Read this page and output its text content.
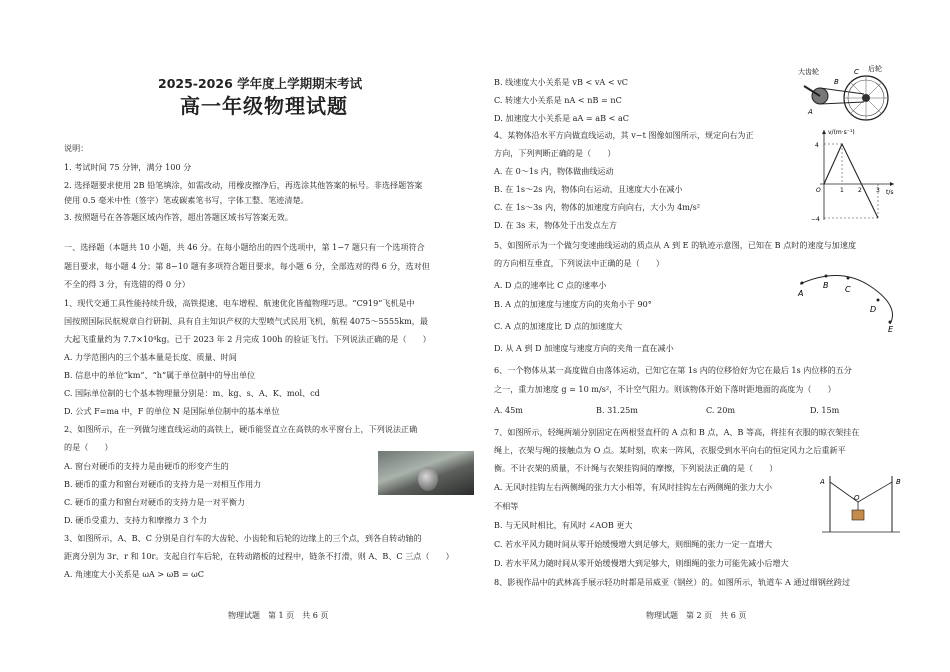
2025-2026 学年度上学期期末考试
高一年级物理试题
说明：
1. 考试时间 75 分钟，满分 100 分
2. 选择题要求使用 2B 铅笔填涂，如需改动，用橡皮擦净后，再选涂其他答案的标号。非选择题答案
使用 0.5 毫米中性（签字）笔或碳素笔书写，字体工整、笔迹清楚。
3. 按照题号在各答题区域内作答，超出答题区域书写答案无效。
一、选择题（本题共 10 小题，共 46 分。在每小题给出的四个选项中，第 1−7 题只有一个选项符合
题目要求，每小题 4 分；第 8−10 题有多项符合题目要求，每小题 6 分，全部选对的得 6 分，选对但
不全的得 3 分，有选错的得 0 分）
1、现代交通工具性能持续升级，高铁提速、电车增程、航速优化皆蕴物理巧思。“C919”飞机是中
国按照国际民航规章自行研制、具有自主知识产权的大型喷气式民用飞机，航程 4075～5555km，最
大起飞重量约为 7.7×10⁴kg。已于 2023 年 2 月完成 100h 的验证飞行。下列说法正确的是（　　）
A. 力学范围内的三个基本量是长度、质量、时间
B. 信息中的单位“km”、“h”属于单位制中的导出单位
C. 国际单位制的七个基本物理量分别是：m、kg、s、A、K、mol、cd
D. 公式 F=ma 中，F 的单位 N 是国际单位制中的基本单位
2、如图所示，在一列做匀速直线运动的高铁上，硬币能竖直立在高铁的水平窗台上，下列说法正确
的是（　　）
A. 窗台对硬币的支持力是由硬币的形变产生的
B. 硬币的重力和窗台对硬币的支持力是一对相互作用力
C. 硬币的重力和窗台对硬币的支持力是一对平衡力
D. 硬币受重力、支持力和摩擦力 3 个力
3、如图所示，A、B、C 分别是自行车的大齿轮、小齿轮和后轮的边缘上的三个点，到各自转动轴的
距离分别为 3r、r 和 10r。支起自行车后轮，在转动踏板的过程中，链条不打滑，则 A、B、C 三点（　　）
A. 角速度大小关系是 ωA > ωB = ωC
物理试题　第 1 页　共 6 页
B. 线速度大小关系是 vB < vA < vC
C. 转速大小关系是 nA < nB = nC
D. 加速度大小关系是 aA = aB < aC
4、某物体沿水平方向做直线运动，其 v−t 图像如图所示，规定向右为正
方向，下列判断正确的是（　　）
A. 在 0～1s 内，物体做曲线运动
B. 在 1s～2s 内，物体向右运动，且速度大小在减小
C. 在 1s～3s 内，物体的加速度方向向右，大小为 4m/s²
D. 在 3s 末，物体处于出发点左方
5、如图所示为一个做匀变速曲线运动的质点从 A 到 E 的轨迹示意图，已知在 B 点时的速度与加速度
的方向相互垂直，下列说法中正确的是（　　）
A. D 点的速率比 C 点的速率小
B. A 点的加速度与速度方向的夹角小于 90°
C. A 点的加速度比 D 点的加速度大
D. 从 A 到 D 加速度与速度方向的夹角一直在减小
6、一个物体从某一高度做自由落体运动，已知它在第 1s 内的位移恰好为它在最后 1s 内位移的五分
之一，重力加速度 g = 10 m/s²，不计空气阻力。则该物体开始下落时距地面的高度为（　　）
A. 45m	B. 31.25m	C. 20m	D. 15m
7、如图所示，轻绳两端分别固定在两根竖直杆的 A 点和 B 点，A、B 等高，将挂有衣服的晾衣架挂在
绳上，衣架与绳的接触点为 O 点。某时刻，吹来一阵风，衣服受到水平向右的恒定风力之后重新平
衡。不计衣架的质量，不计绳与衣架挂钩间的摩擦，下列说法正确的是（　　）
A. 无风时挂钩左右两侧绳的张力大小相等，有风时挂钩左右两侧绳的张力大小
不相等
B. 与无风时相比，有风时 ∠AOB 更大
C. 若水平风力随时间从零开始缓慢增大到足够大，则细绳的张力一定一直增大
D. 若水平风力随时间从零开始缓慢增大到足够大，则细绳的张力可能先减小后增大
8、影视作品中的武林高手展示轻功时都是吊威亚（钢丝）的。如图所示，轨道车 A 通过细钢丝跨过
大齿轮	后轮
A
B
C
v/(m·s⁻¹)
t/s
4
−4
O	1 2 3
A
B C
D
E
A	B
O
物理试题　第 2 页　共 6 页
